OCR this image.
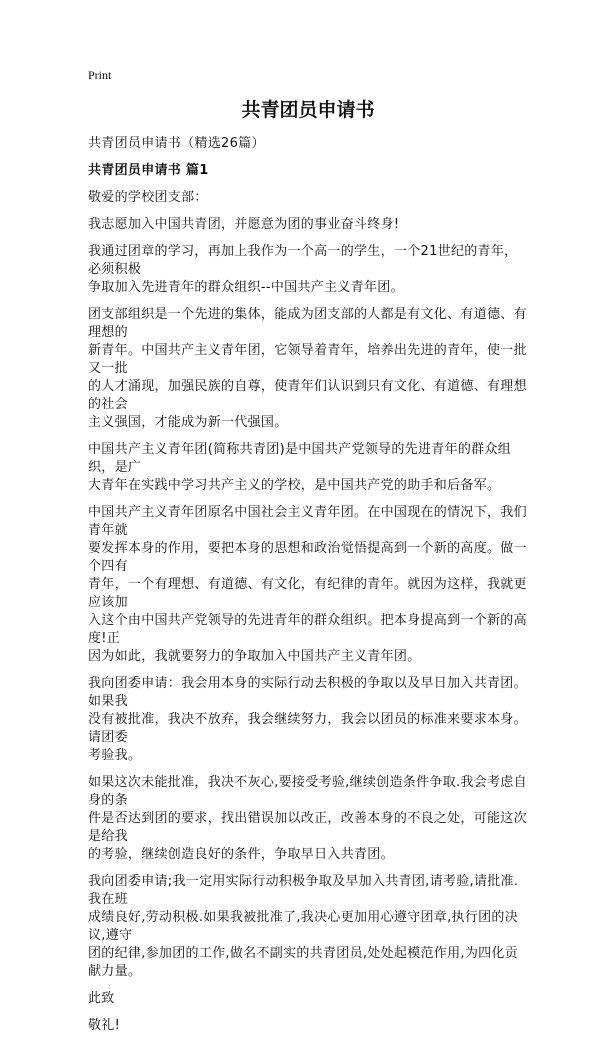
Print
共青团员申请书

共青团员申请书（精选26篇）

共青团员申请书 篇1

敬爱的学校团支部：

我志愿加入中国共青团，并愿意为团的事业奋斗终身!

我通过团章的学习，再加上我作为一个高一的学生，一个21世纪的青年，必须积极
争取加入先进青年的群众组织--中国共产主义青年团。

团支部组织是一个先进的集体，能成为团支部的人都是有文化、有道德、有理想的
新青年。中国共产主义青年团，它领导着青年，培养出先进的青年，使一批又一批
的人才涌现，加强民族的自尊，使青年们认识到只有文化、有道德、有理想的社会
主义强国，才能成为新一代强国。

中国共产主义青年团(简称共青团)是中国共产党领导的先进青年的群众组织，是广
大青年在实践中学习共产主义的学校，是中国共产党的助手和后备军。

中国共产主义青年团原名中国社会主义青年团。在中国现在的情况下，我们青年就
要发挥本身的作用，要把本身的思想和政治觉悟提高到一个新的高度。做一个四有
青年，一个有理想、有道德、有文化，有纪律的青年。就因为这样，我就更应该加
入这个由中国共产党领导的先进青年的群众组织。把本身提高到一个新的高度!正
因为如此，我就要努力的争取加入中国共产主义青年团。

我向团委申请：我会用本身的实际行动去积极的争取以及早日加入共青团。如果我
没有被批准，我决不放弃，我会继续努力，我会以团员的标准来要求本身。请团委
考验我。

如果这次未能批准，我决不灰心,要接受考验,继续创造条件争取.我会考虑自身的条
件是否达到团的要求，找出错误加以改正，改善本身的不良之处，可能这次是给我
的考验，继续创造良好的条件，争取早日入共青团。

我向团委申请;我一定用实际行动积极争取及早加入共青团,请考验,请批准.我在班
成绩良好,劳动积极.如果我被批准了,我决心更加用心遵守团章,执行团的决议,遵守
团的纪律,参加团的工作,做名不副实的共青团员,处处起模范作用,为四化贡献力量。

此致

敬礼!
